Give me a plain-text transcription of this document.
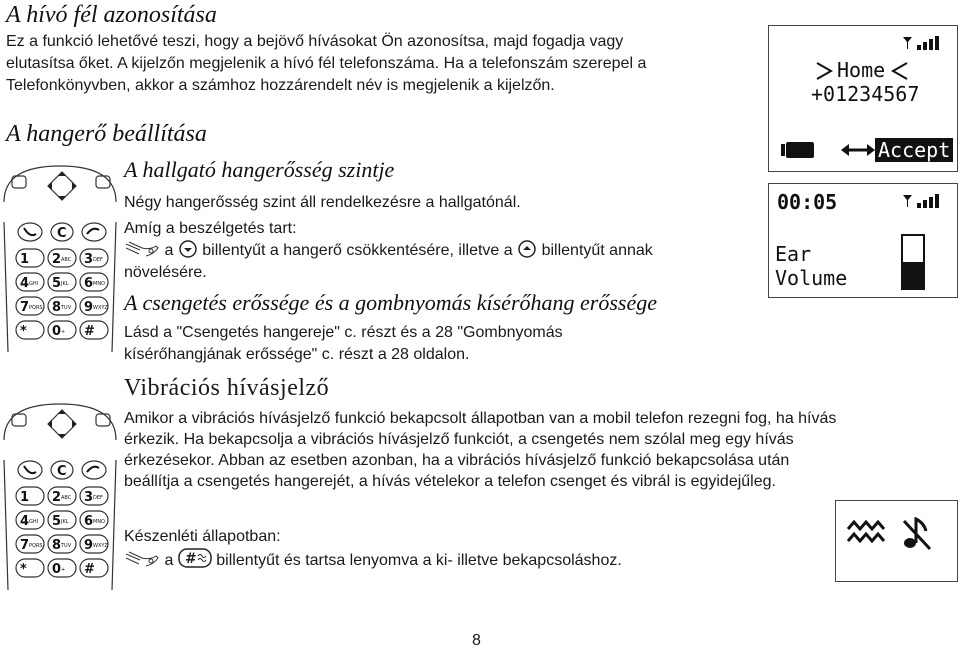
A hívó fél azonosítása
Ez a funkció lehetővé teszi, hogy a bejövő hívásokat Ön azonosítsa, majd fogadja vagy
elutasítsa őket. A kijelzőn megjelenik a hívó fél telefonszáma. Ha a telefonszám szerepel a
Telefonkönyvben, akkor a számhoz hozzárendelt név is megjelenik a kijelzőn.
Home
+01234567
Accept
A hangerő beállítása
A hallgató hangerősség szintje
Négy hangerősség szint áll rendelkezésre a hallgatónál.
Amíg a beszélgetés tart:
a billentyűt a hangerő csökkentésére, illetve a billentyűt annak
növelésére.
00:05
Ear
Volume
A csengetés erőssége és a gombnyomás kísérőhang erőssége
Lásd a "Csengetés hangereje" c. részt és a 28 "Gombnyomás
kísérőhangjának erőssége" c. részt a 28 oldalon.
Vibrációs hívásjelző
Amikor a vibrációs hívásjelző funkció bekapcsolt állapotban van a mobil telefon rezegni fog, ha hívás
érkezik. Ha bekapcsolja a vibrációs hívásjelző funkciót, a csengetés nem szólal meg egy hívás
érkezésekor. Abban az esetben azonban, ha a vibrációs hívásjelző funkció bekapcsolása után
beállítja a csengetés hangerejét, a hívás vételekor a telefon csenget és vibrál is egyidejűleg.
Készenléti állapotban:
a # billentyűt és tartsa lenyomva a ki- illetve bekapcsoláshoz.
8
C
1 2 ABC 3 DEF
4 GHI 5 JKL 6 MNO
7 PQRS 8 TUV 9 WXYZ
* 0 + #
C
1 2 ABC 3 DEF
4 GHI 5 JKL 6 MNO
7 PQRS 8 TUV 9 WXYZ
* 0 + #
